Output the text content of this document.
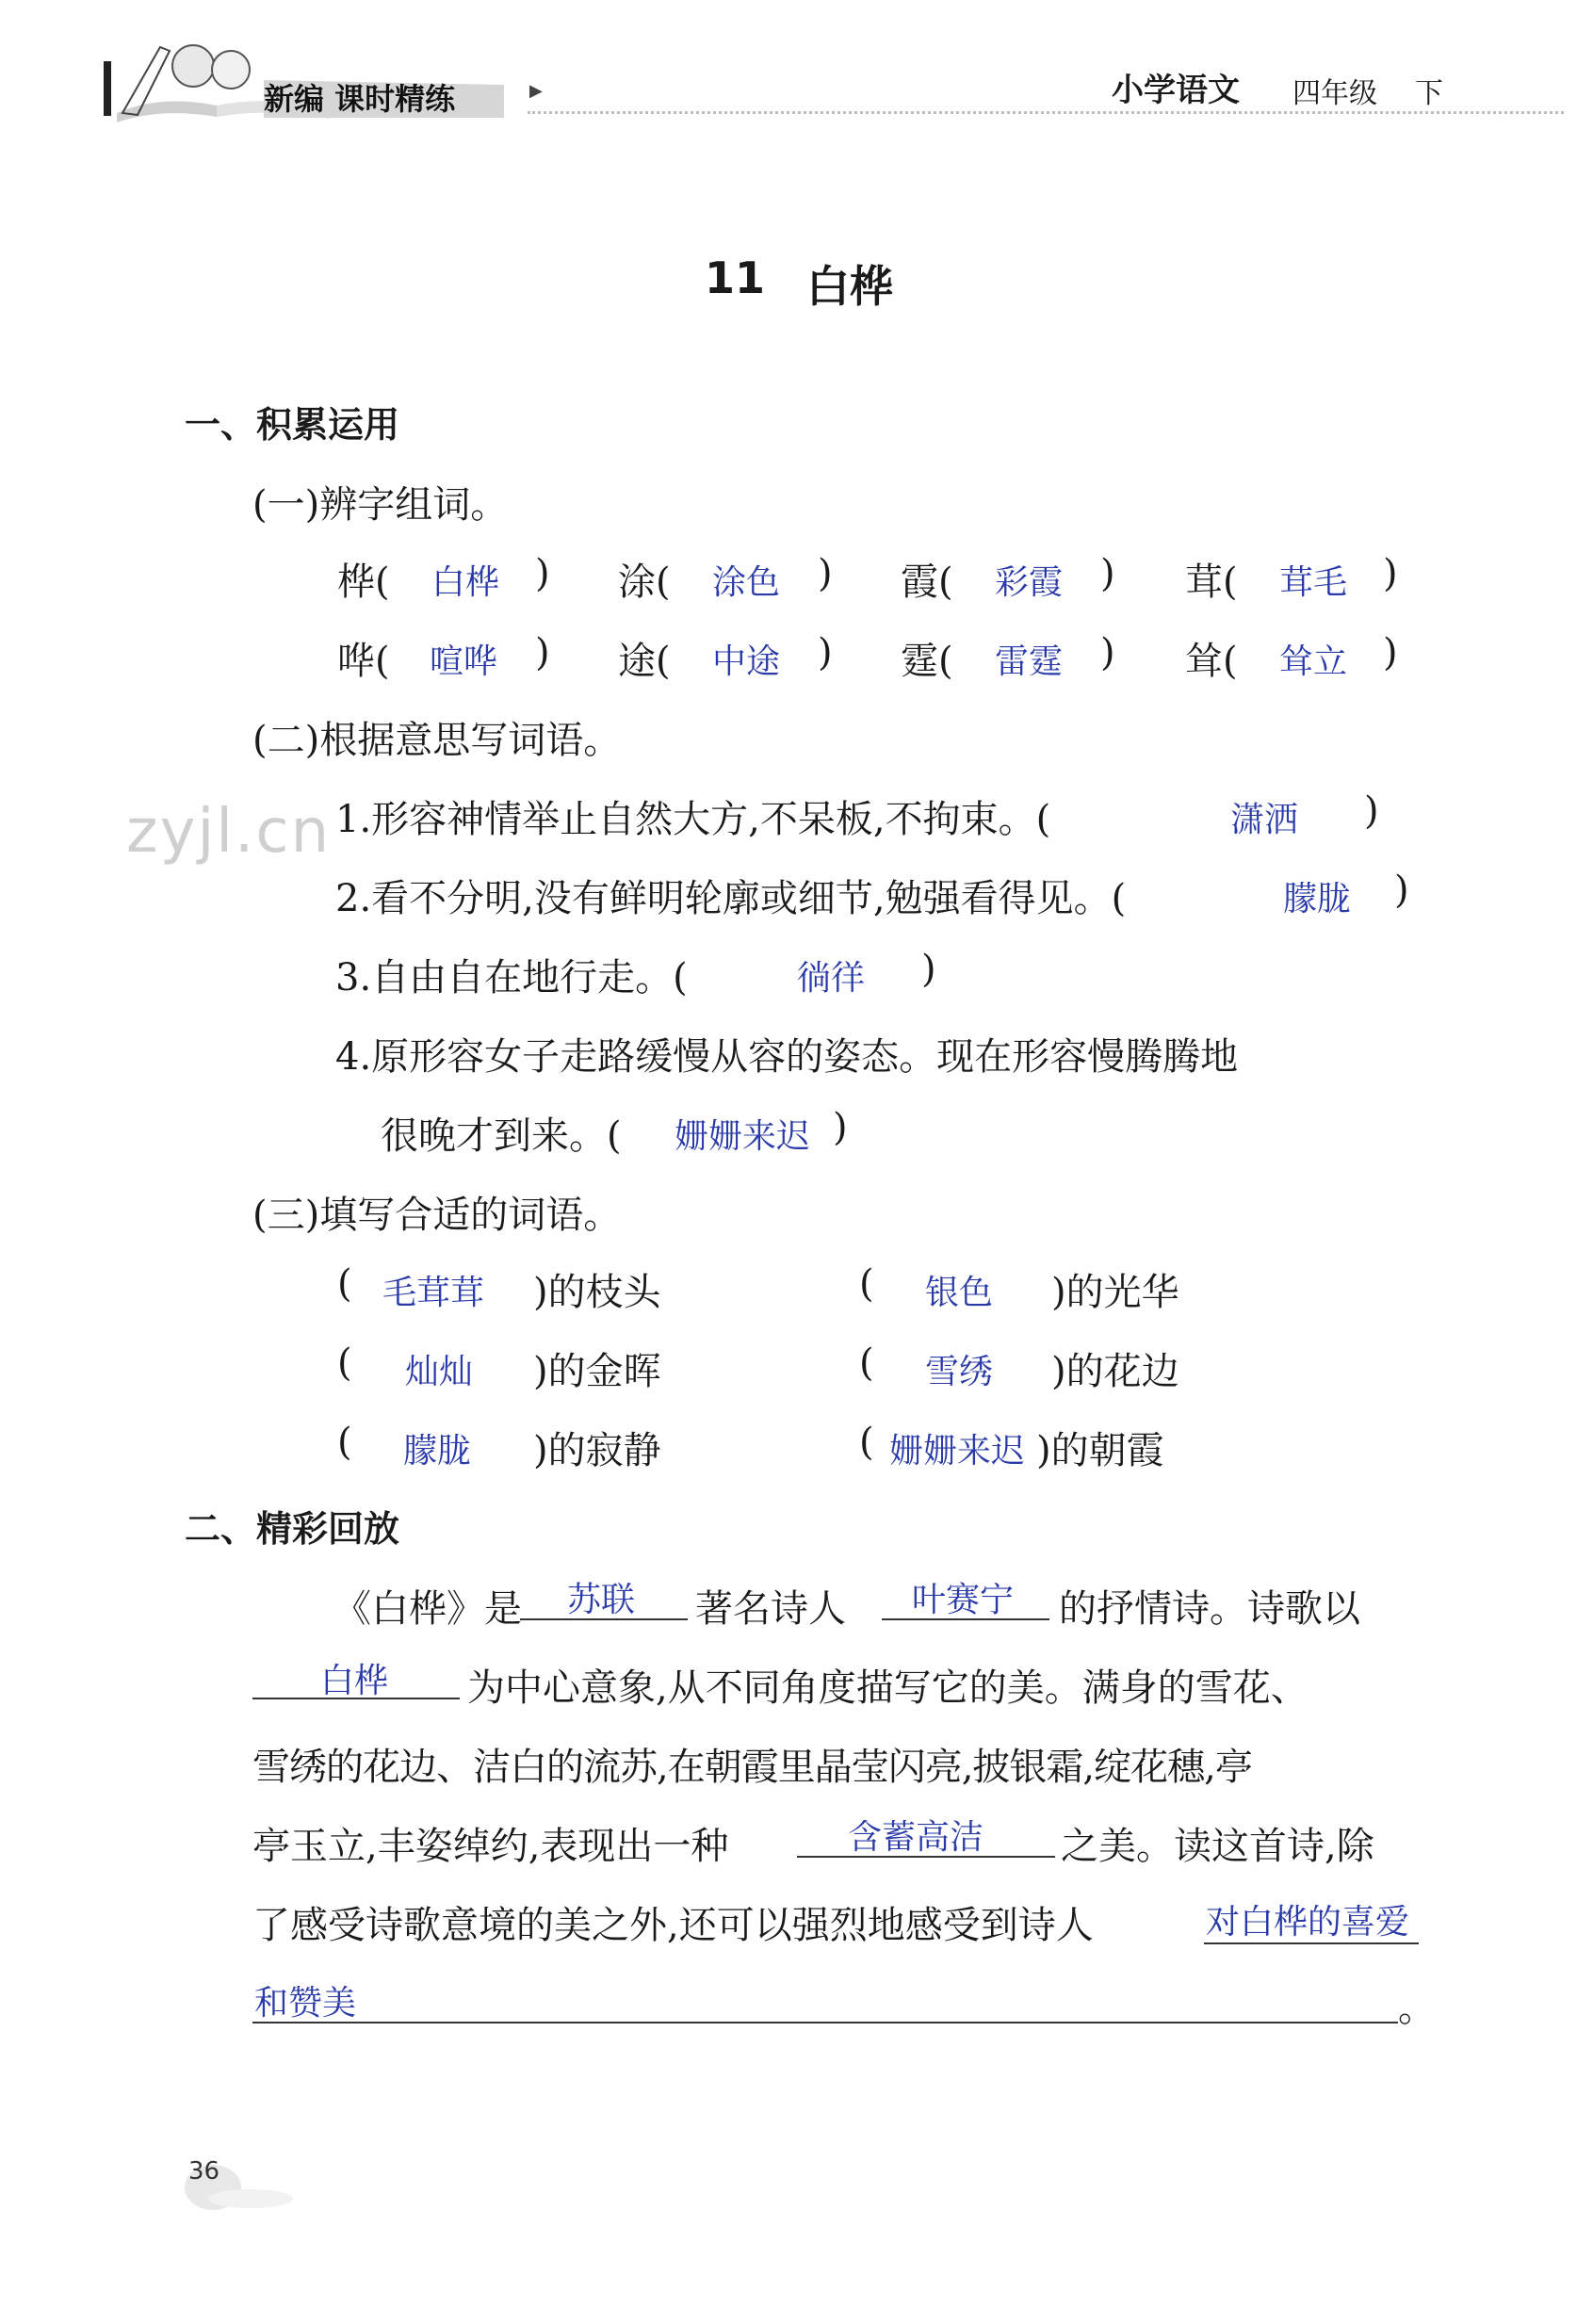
新编 课时精练	▶	小学语文 四年级 下
11 白桦
一、积累运用
(一)辨字组词。
桦( 白桦 ) 涂( 涂色 ) 霞( 彩霞 ) 茸( 茸毛 )
哗( 喧哗 ) 途( 中途 ) 霆( 雷霆 ) 耸( 耸立 )
(二)根据意思写词语。
zyjl.cn 1.形容神情举止自然大方,不呆板,不拘束。(	潇洒 )
2.看不分明,没有鲜明轮廓或细节,勉强看得见。(	朦胧 )
3.自由自在地行走。(	徜徉 )
4.原形容女子走路缓慢从容的姿态。现在形容慢腾腾地
很晚才到来。( 姗姗来迟 )
(三)填写合适的词语。
( 毛茸茸 )的枝头	( 银色 )的光华
( 灿灿 )的金晖	( 雪绣 )的花边
( 朦胧 )的寂静	( 姗姗来迟 )的朝霞
二、精彩回放
《白桦》是 苏联 著名诗人 叶赛宁 的抒情诗。诗歌以
白桦 为中心意象,从不同角度描写它的美。满身的雪花、
雪绣的花边、洁白的流苏,在朝霞里晶莹闪亮,披银霜,绽花穗,亭
亭玉立,丰姿绰约,表现出一种	含蓄高洁 之美。读这首诗,除
了感受诗歌意境的美之外,还可以强烈地感受到诗人	对白桦的喜爱
和赞美	。
36
